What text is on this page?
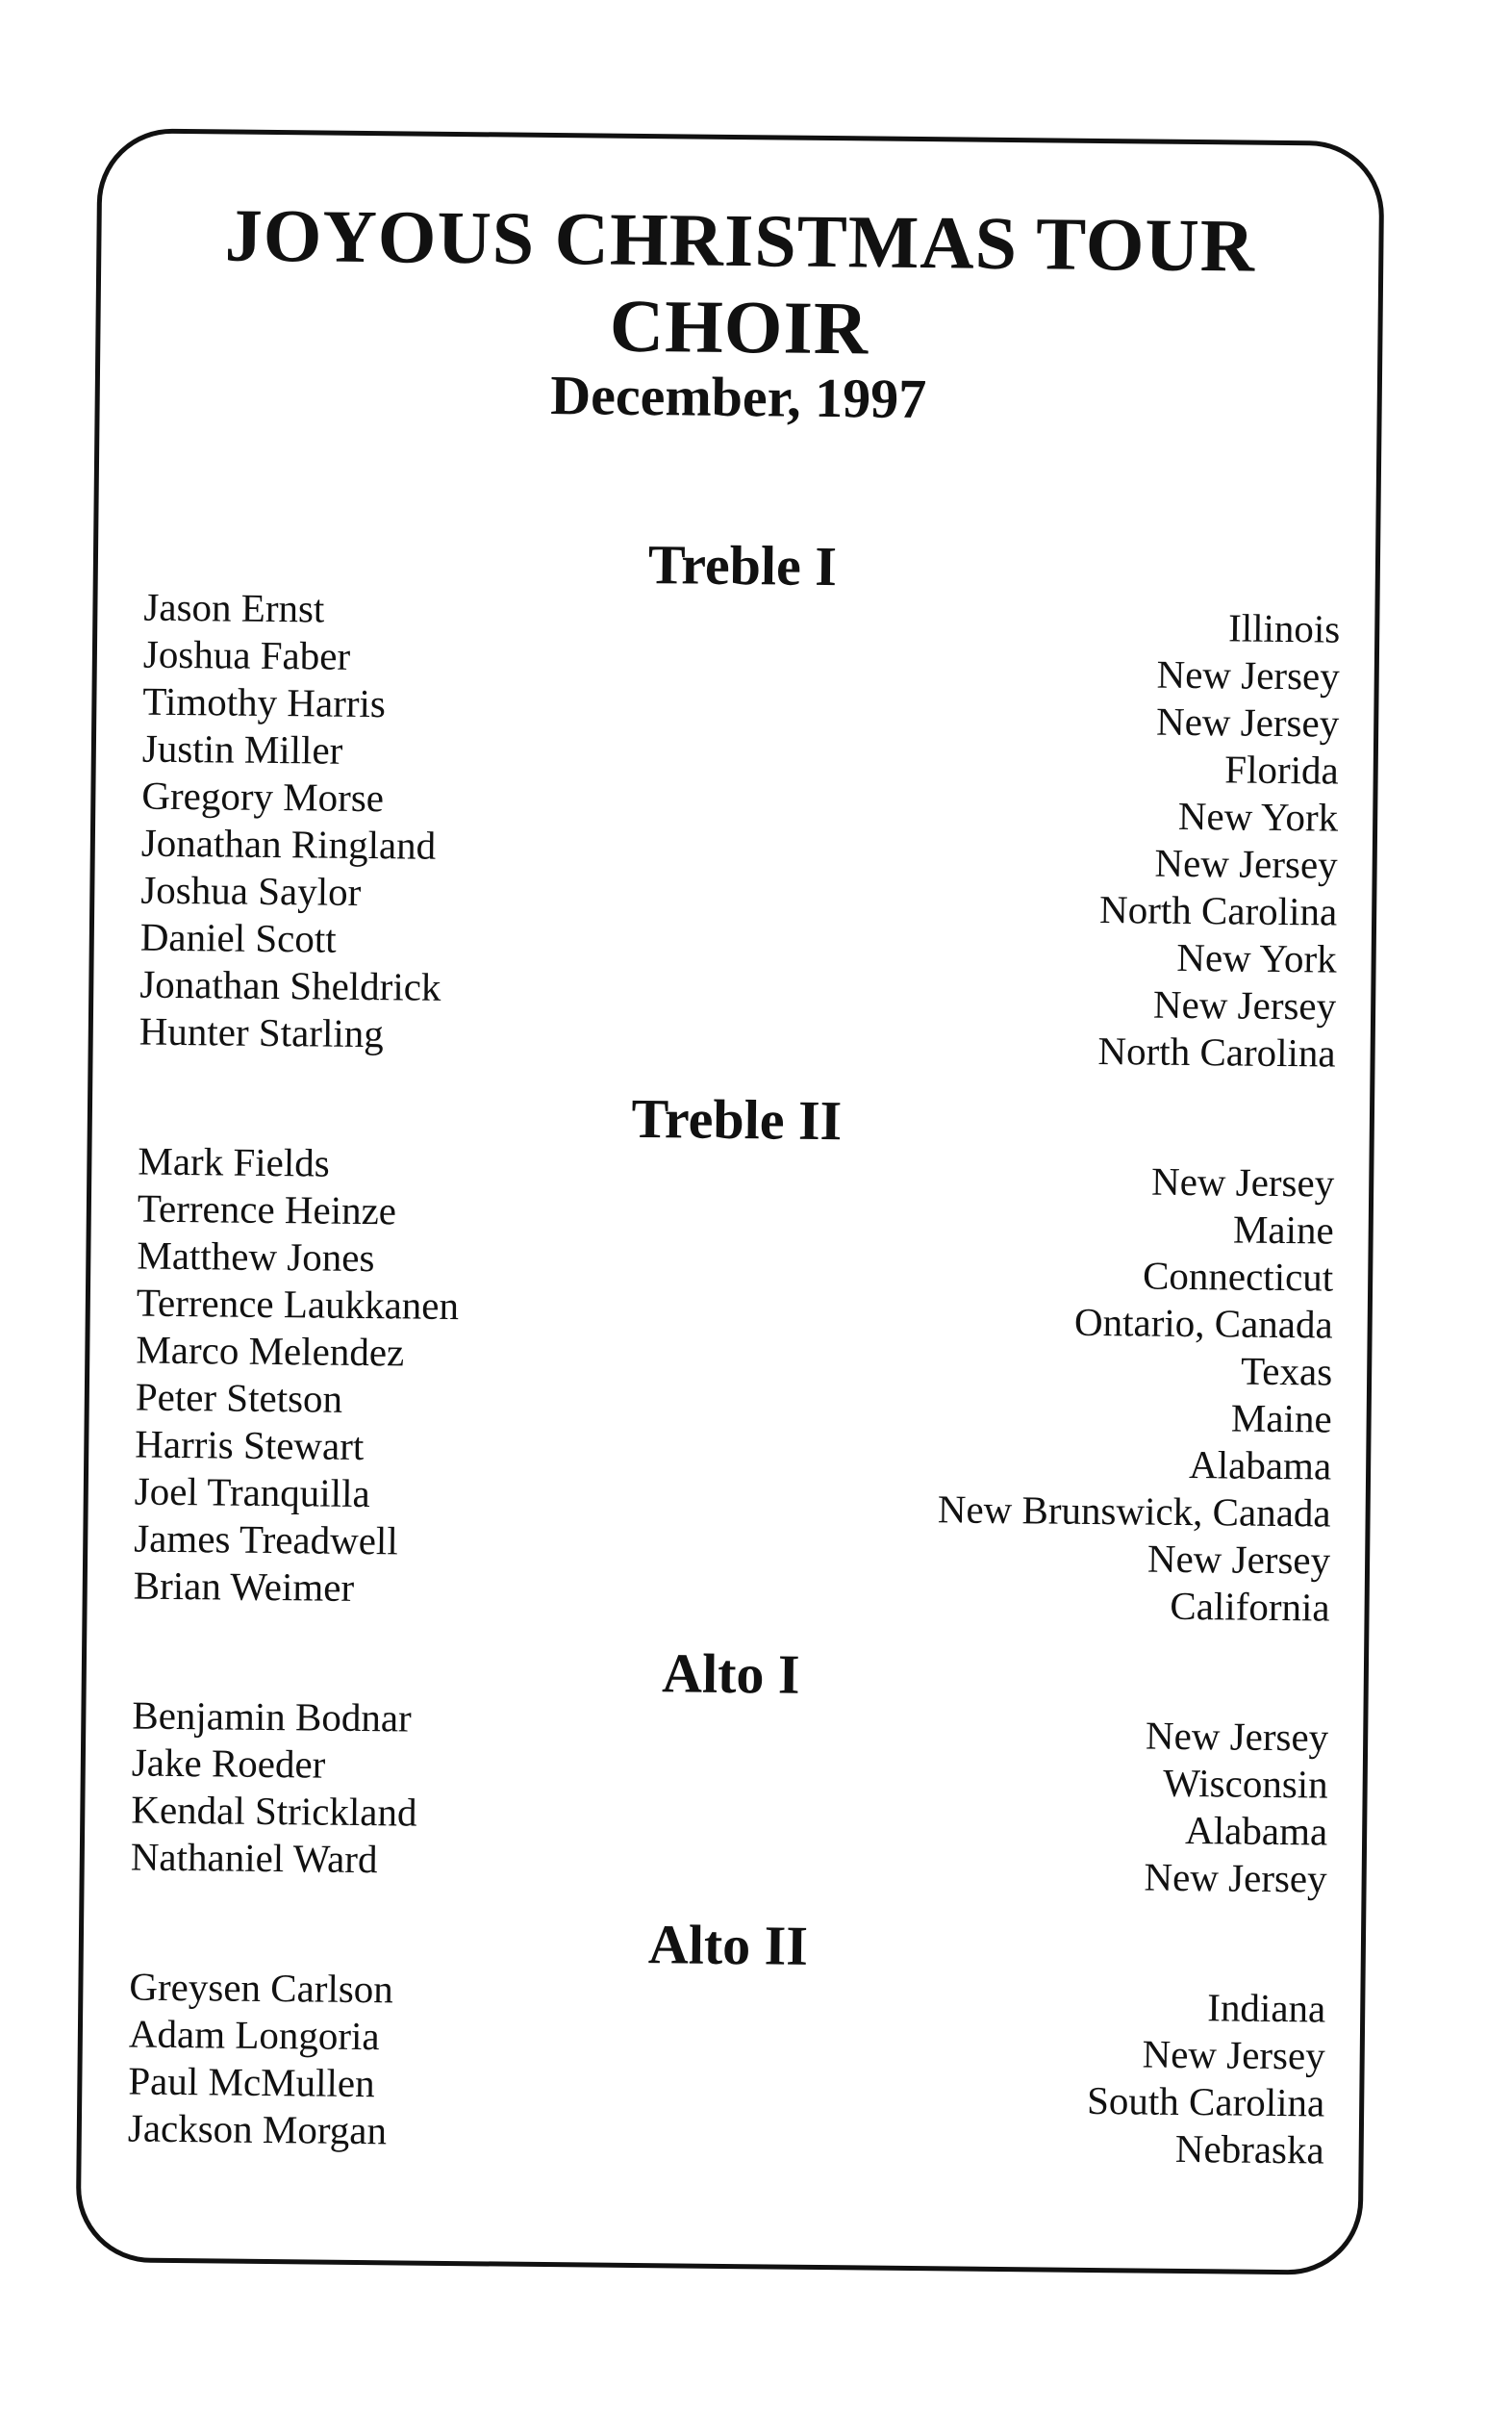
JOYOUS CHRISTMAS TOUR
CHOIR
December, 1997
Treble I
Jason Ernst	Illinois
Joshua Faber	New Jersey
Timothy Harris	New Jersey
Justin Miller	Florida
Gregory Morse	New York
Jonathan Ringland	New Jersey
Joshua Saylor	North Carolina
Daniel Scott	New York
Jonathan Sheldrick	New Jersey
Hunter Starling	North Carolina
Treble II
Mark Fields	New Jersey
Terrence Heinze	Maine
Matthew Jones	Connecticut
Terrence Laukkanen	Ontario, Canada
Marco Melendez	Texas
Peter Stetson	Maine
Harris Stewart	Alabama
Joel Tranquilla	New Brunswick, Canada
James Treadwell	New Jersey
Brian Weimer	California
Alto I
Benjamin Bodnar	New Jersey
Jake Roeder	Wisconsin
Kendal Strickland	Alabama
Nathaniel Ward	New Jersey
Alto II
Greysen Carlson	Indiana
Adam Longoria	New Jersey
Paul McMullen	South Carolina
Jackson Morgan	Nebraska
